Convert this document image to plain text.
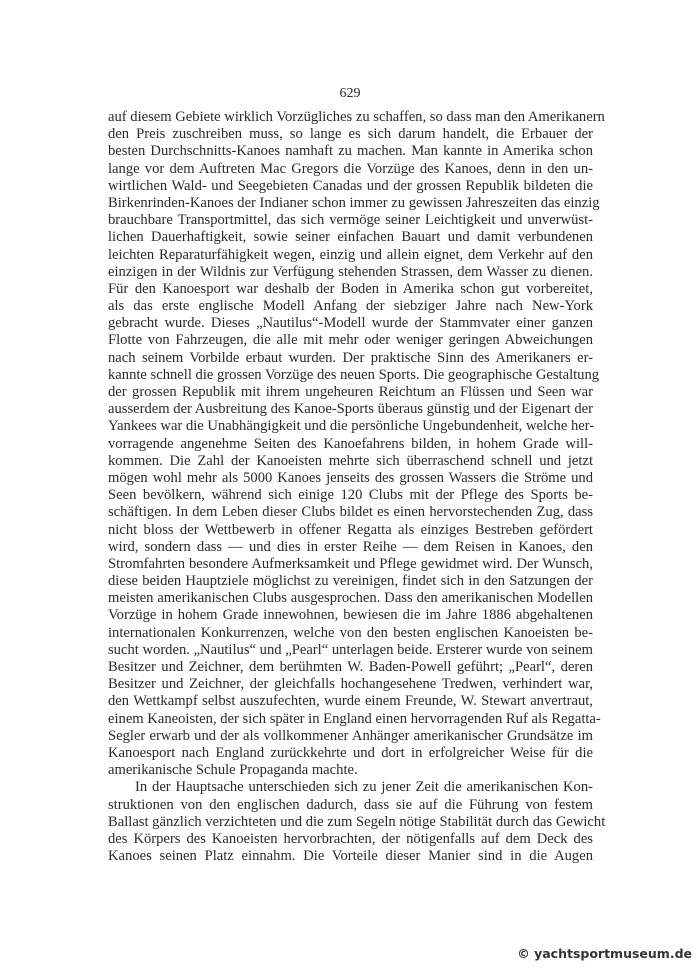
629
auf diesem Gebiete wirklich Vorzügliches zu schaffen, so dass man den Amerikanern
den Preis zuschreiben muss, so lange es sich darum handelt, die Erbauer der
besten Durchschnitts-Kanoes namhaft zu machen. Man kannte in Amerika schon
lange vor dem Auftreten Mac Gregors die Vorzüge des Kanoes, denn in den un-
wirtlichen Wald- und Seegebieten Canadas und der grossen Republik bildeten die
Birkenrinden-Kanoes der Indianer schon immer zu gewissen Jahreszeiten das einzig
brauchbare Transportmittel, das sich vermöge seiner Leichtigkeit und unverwüst-
lichen Dauerhaftigkeit, sowie seiner einfachen Bauart und damit verbundenen
leichten Reparaturfähigkeit wegen, einzig und allein eignet, dem Verkehr auf den
einzigen in der Wildnis zur Verfügung stehenden Strassen, dem Wasser zu dienen.
Für den Kanoesport war deshalb der Boden in Amerika schon gut vorbereitet,
als das erste englische Modell Anfang der siebziger Jahre nach New-York
gebracht wurde. Dieses „Nautilus“-Modell wurde der Stammvater einer ganzen
Flotte von Fahrzeugen, die alle mit mehr oder weniger geringen Abweichungen
nach seinem Vorbilde erbaut wurden. Der praktische Sinn des Amerikaners er-
kannte schnell die grossen Vorzüge des neuen Sports. Die geographische Gestaltung
der grossen Republik mit ihrem ungeheuren Reichtum an Flüssen und Seen war
ausserdem der Ausbreitung des Kanoe-Sports überaus günstig und der Eigenart der
Yankees war die Unabhängigkeit und die persönliche Ungebundenheit, welche her-
vorragende angenehme Seiten des Kanoefahrens bilden, in hohem Grade will-
kommen. Die Zahl der Kanoeisten mehrte sich überraschend schnell und jetzt
mögen wohl mehr als 5000 Kanoes jenseits des grossen Wassers die Ströme und
Seen bevölkern, während sich einige 120 Clubs mit der Pflege des Sports be-
schäftigen. In dem Leben dieser Clubs bildet es einen hervorstechenden Zug, dass
nicht bloss der Wettbewerb in offener Regatta als einziges Bestreben gefördert
wird, sondern dass — und dies in erster Reihe — dem Reisen in Kanoes, den
Stromfahrten besondere Aufmerksamkeit und Pflege gewidmet wird. Der Wunsch,
diese beiden Hauptziele möglichst zu vereinigen, findet sich in den Satzungen der
meisten amerikanischen Clubs ausgesprochen. Dass den amerikanischen Modellen
Vorzüge in hohem Grade innewohnen, bewiesen die im Jahre 1886 abgehaltenen
internationalen Konkurrenzen, welche von den besten englischen Kanoeisten be-
sucht worden. „Nautilus“ und „Pearl“ unterlagen beide. Ersterer wurde von seinem
Besitzer und Zeichner, dem berühmten W. Baden-Powell geführt; „Pearl“, deren
Besitzer und Zeichner, der gleichfalls hochangesehene Tredwen, verhindert war,
den Wettkampf selbst auszufechten, wurde einem Freunde, W. Stewart anvertraut,
einem Kaneoisten, der sich später in England einen hervorragenden Ruf als Regatta-
Segler erwarb und der als vollkommener Anhänger amerikanischer Grundsätze im
Kanoesport nach England zurückkehrte und dort in erfolgreicher Weise für die
amerikanische Schule Propaganda machte.
In der Hauptsache unterschieden sich zu jener Zeit die amerikanischen Kon-
struktionen von den englischen dadurch, dass sie auf die Führung von festem
Ballast gänzlich verzichteten und die zum Segeln nötige Stabilität durch das Gewicht
des Körpers des Kanoeisten hervorbrachten, der nötigenfalls auf dem Deck des
Kanoes seinen Platz einnahm. Die Vorteile dieser Manier sind in die Augen
© yachtsportmuseum.de
